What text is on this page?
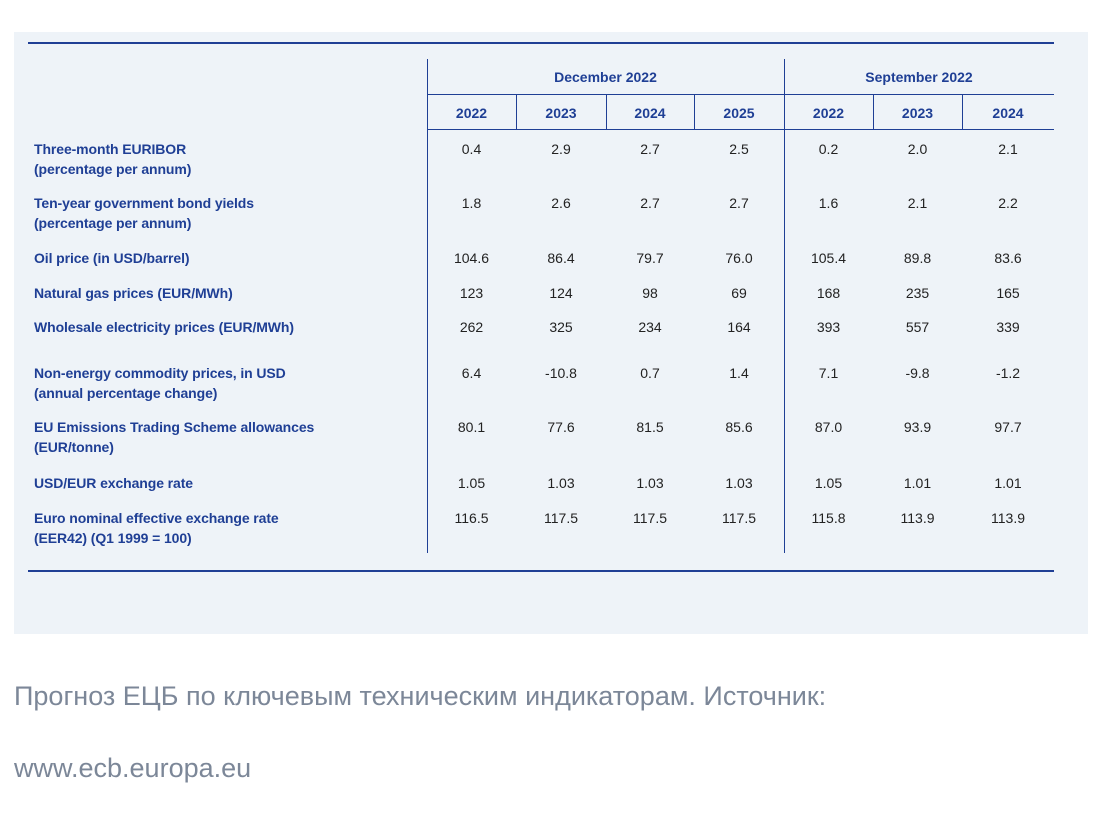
December 2022	September 2022
2022	2023	2024	2025	2022	2023	2024
Three-month EURIBOR
(percentage per annum)
0.4	2.9	2.7	2.5	0.2	2.0	2.1
Ten-year government bond yields
(percentage per annum)
1.8	2.6	2.7	2.7	1.6	2.1	2.2
Oil price (in USD/barrel)	104.6	86.4	79.7	76.0	105.4	89.8	83.6
Natural gas prices (EUR/MWh)	123	124	98	69	168	235	165
Wholesale electricity prices (EUR/MWh)	262	325	234	164	393	557	339
Non-energy commodity prices, in USD
(annual percentage change)
6.4	-10.8	0.7	1.4	7.1	-9.8	-1.2
EU Emissions Trading Scheme allowances
(EUR/tonne)
80.1	77.6	81.5	85.6	87.0	93.9	97.7
USD/EUR exchange rate	1.05	1.03	1.03	1.03	1.05	1.01	1.01
Euro nominal effective exchange rate
(EER42) (Q1 1999 = 100)
116.5	117.5	117.5	117.5	115.8	113.9	113.9
Прогноз ЕЦБ по ключевым техническим индикаторам. Источник:
www.ecb.europa.eu
